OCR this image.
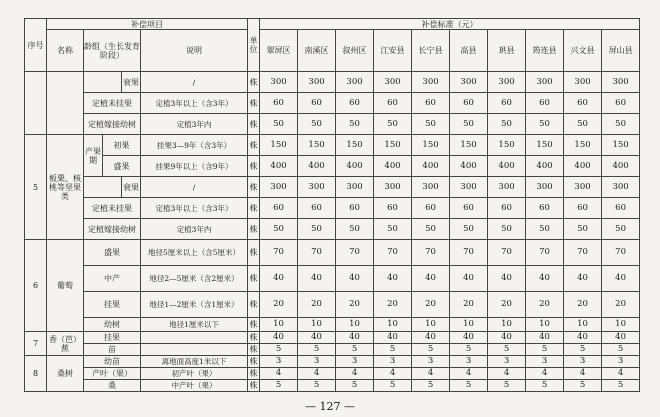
序号	补偿项目					单位	补偿标准（元）									
	名称	龄组（生长发育阶段）			说明		翠屏区	南溪区	叙州区	江安县	长宁县	高县	珙县	筠连县	兴文县	屏山县
				衰果	/	株	300	300	300	300	300	300	300	300	300	300
		定植未挂果			定植3年以上（含3年）	株	60	60	60	60	60	60	60	60	60	60
		定植嫁接幼树			定植3年内	株	50	50	50	50	50	50	50	50	50	50
5	板栗、核桃等坚果类	产果期	初果		挂果3—9年（含3年）	株	150	150	150	150	150	150	150	150	150	150
			盛果		挂果9年以上（含9年）	株	400	400	400	400	400	400	400	400	400	400
				衰果	/	株	300	300	300	300	300	300	300	300	300	300
		定植未挂果			定植3年以上（含3年）	株	60	60	60	60	60	60	60	60	60	60
		定植嫁接幼树			定植3年内	株	50	50	50	50	50	50	50	50	50	50
6	葡萄	盛果			地径5厘米以上（含5厘米）	株	70	70	70	70	70	70	70	70	70	70
		中产			地径2—5厘米（含2厘米）	株	40	40	40	40	40	40	40	40	40	40
		挂果			地径1—2厘米（含1厘米）	株	20	20	20	20	20	20	20	20	20	20
		幼树			地径1厘米以下	株	10	10	10	10	10	10	10	10	10	10
7	香（芭）蕉	挂果				株	40	40	40	40	40	40	40	40	40	40
		苗				株	5	5	5	5	5	5	5	5	5	5
8	桑树	幼苗			离地面高度1米以下	株	3	3	3	3	3	3	3	3	3	3
		产叶（果）			初产叶（果）	株	4	4	4	4	4	4	4	4	4	4
		桑			中产叶（果）	株	5	5	5	5	5	5	5	5	5	5
— 127 —
